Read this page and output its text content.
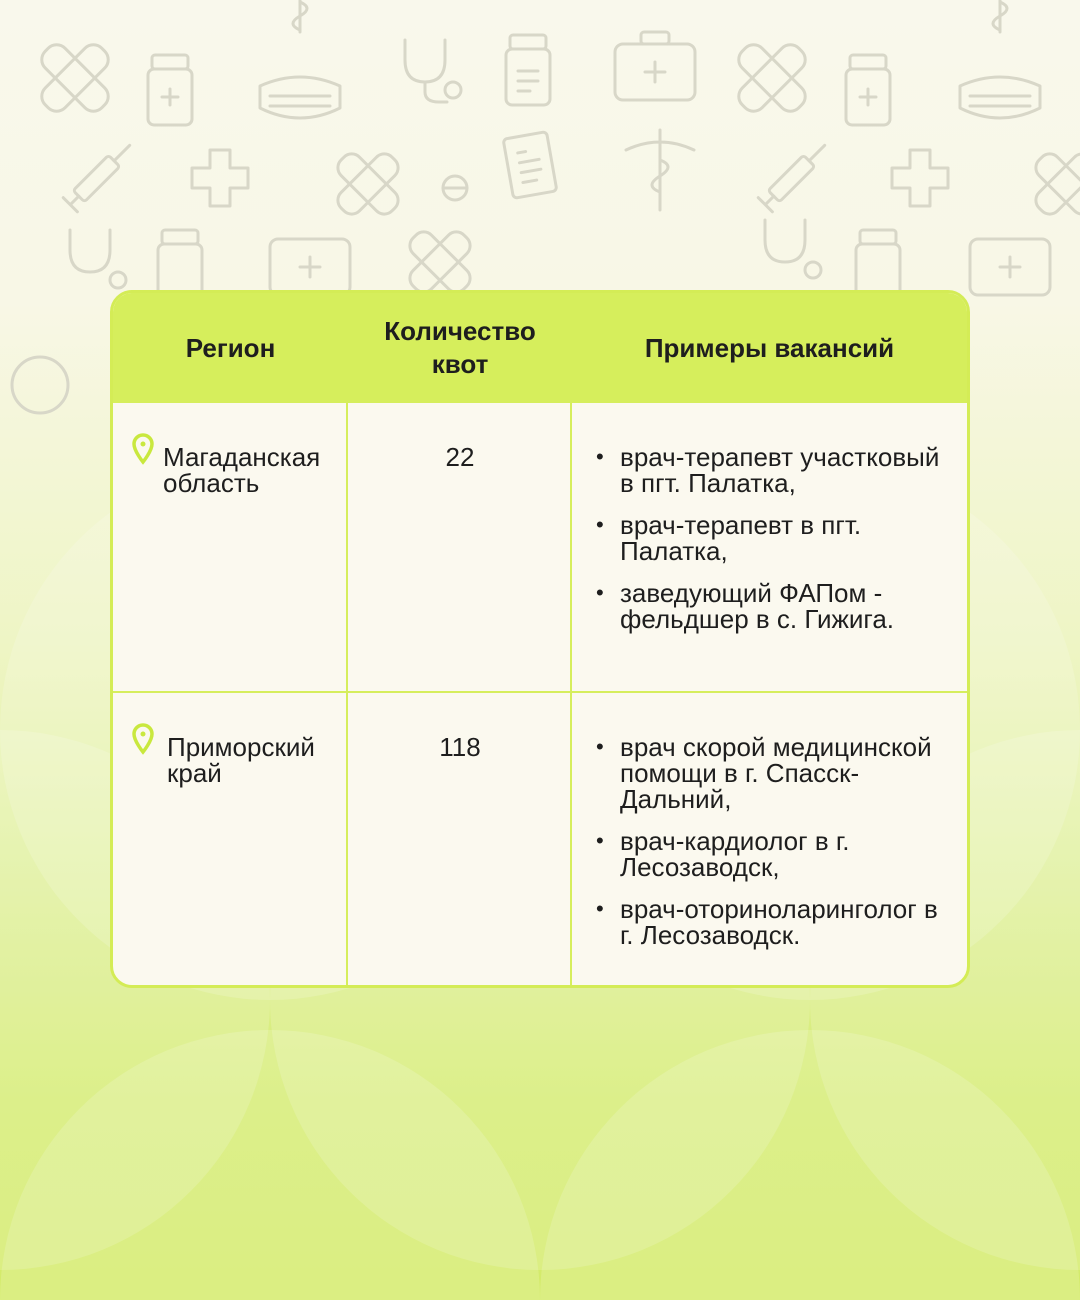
Регион
Количество квот
Примеры вакансий
Магаданская область
22	• врач-терапевт участковый в пгт. Палатка,
• врач-терапевт в пгт. Палатка,
• заведующий ФАПом - фельдшер в с. Гижига.
Приморский край
118	• врач скорой медицинской помощи в г. Спасск-Дальний,
• врач-кардиолог в г. Лесозаводск,
• врач-оториноларинголог в г. Лесозаводск.
